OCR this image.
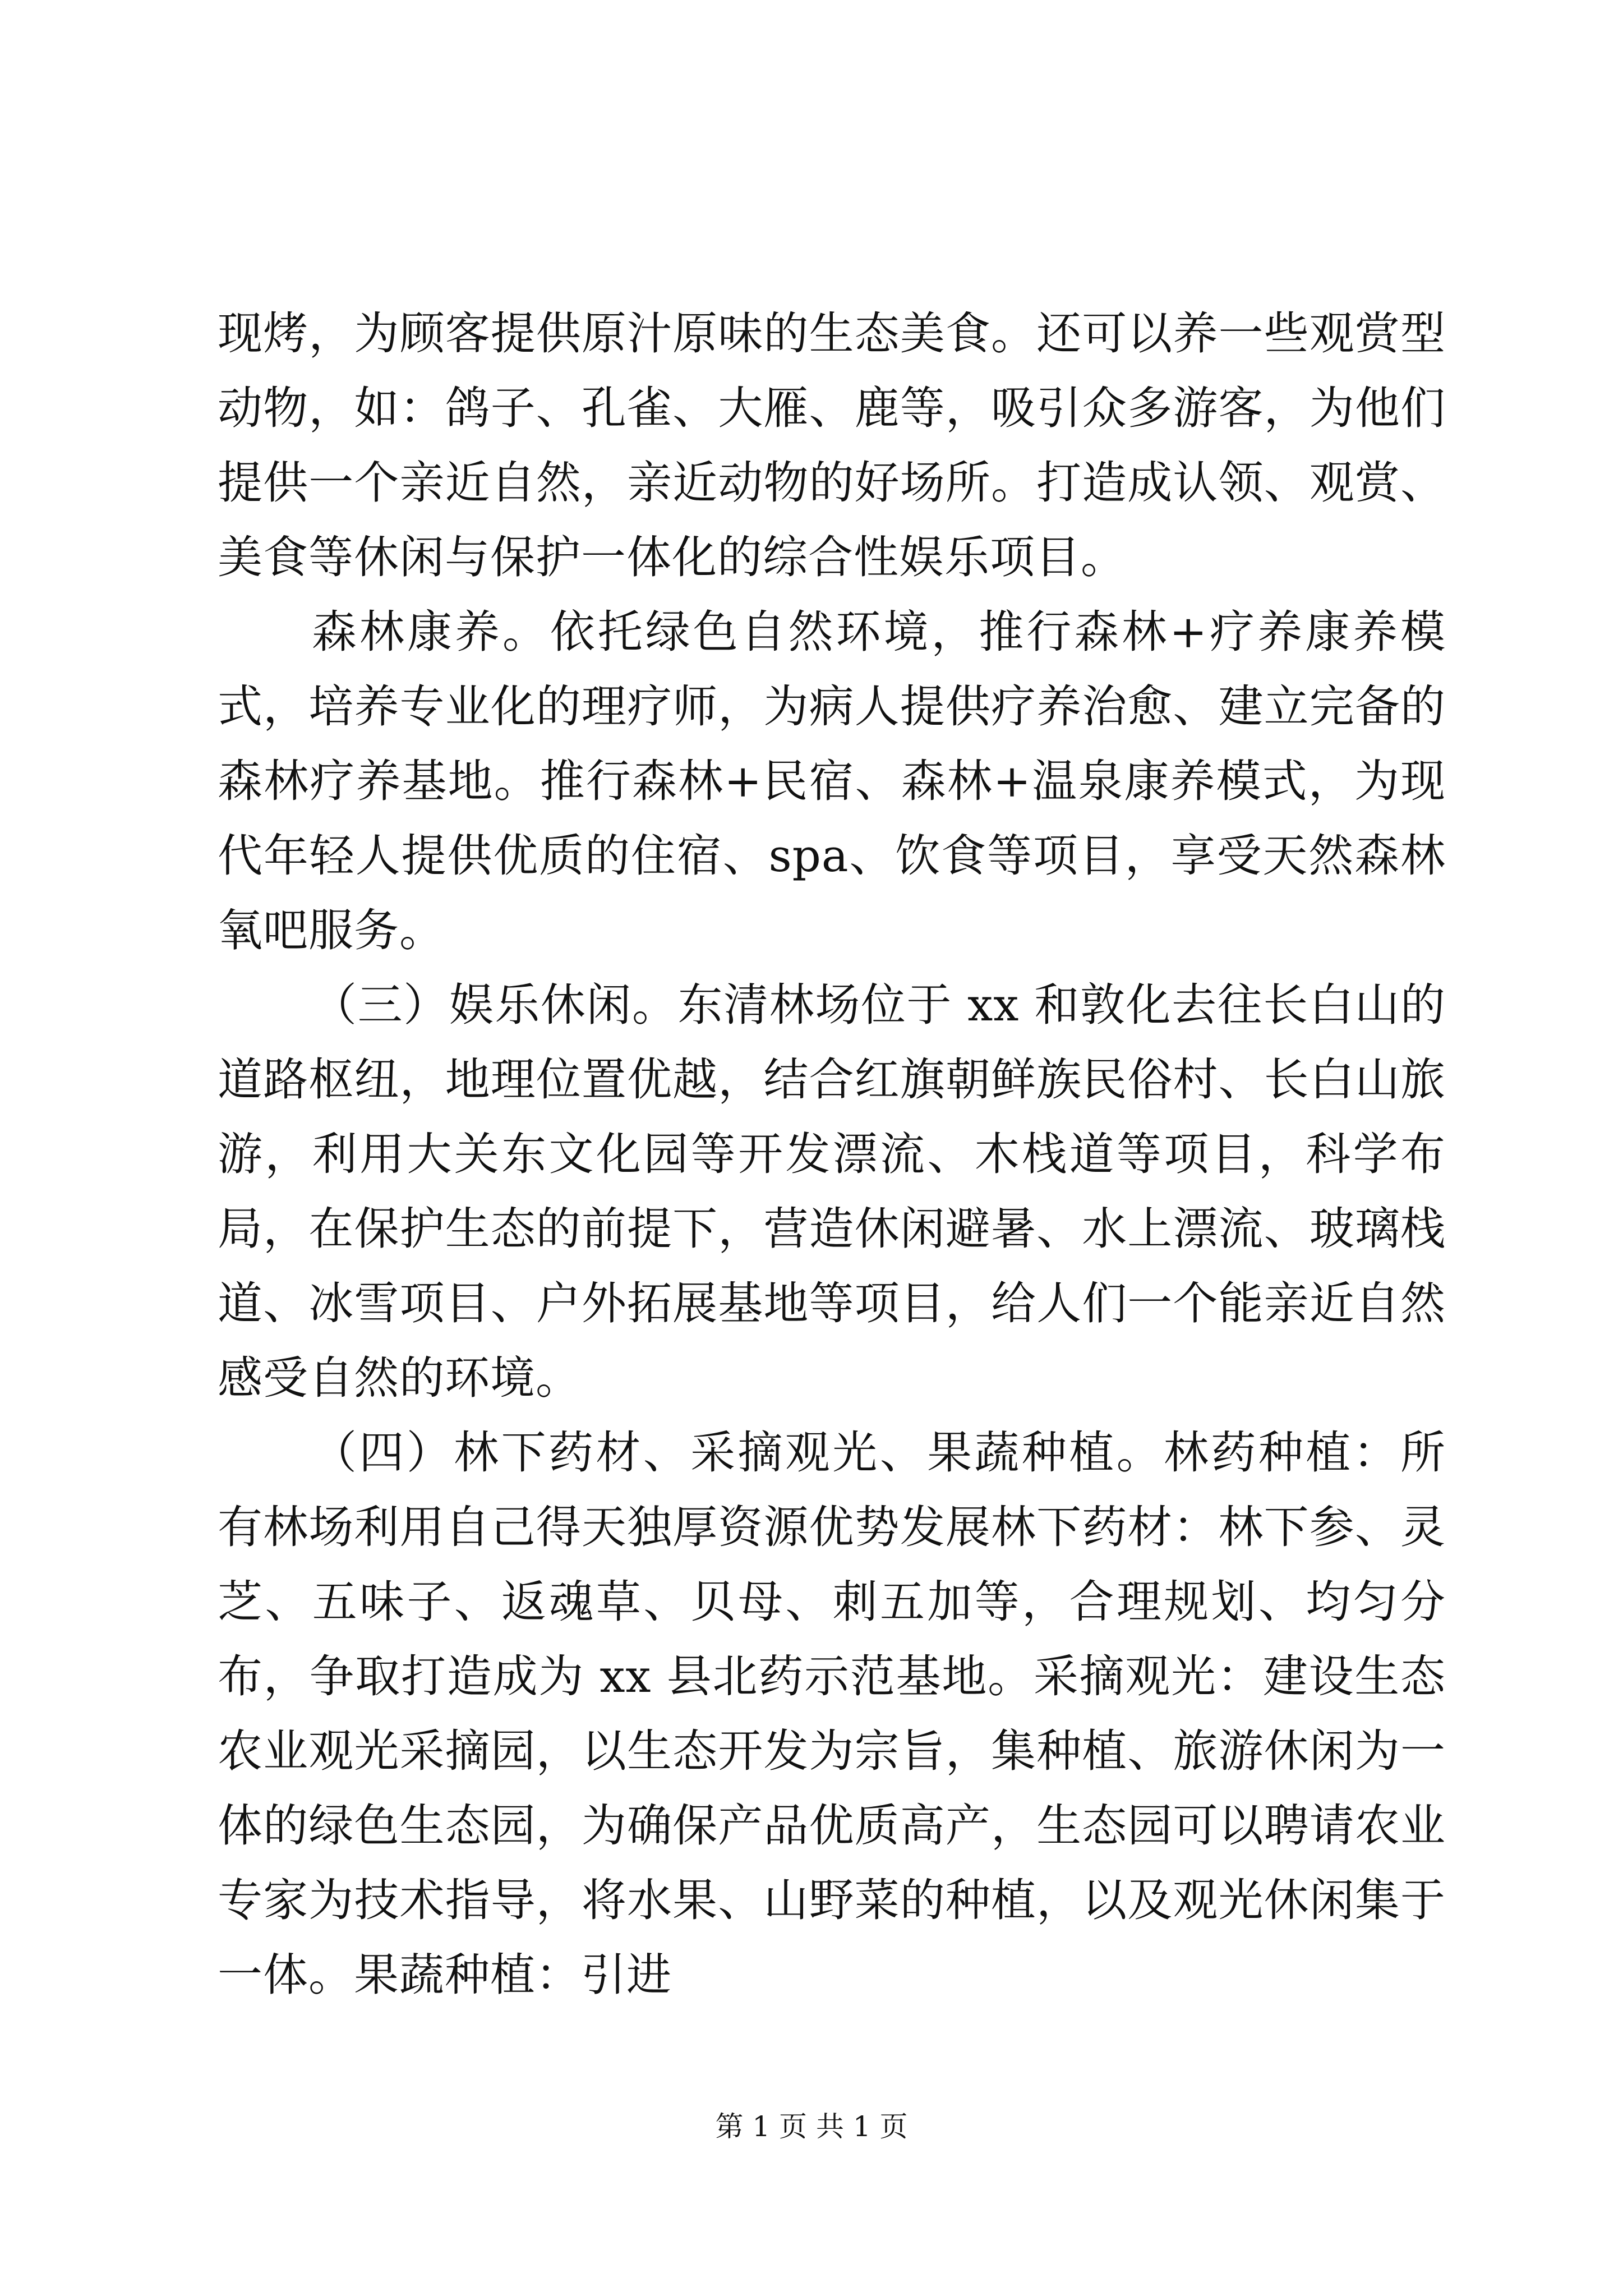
现烤，为顾客提供原汁原味的生态美食。还可以养一些观赏型动物，如：鸽子、孔雀、大雁、鹿等，吸引众多游客，为他们提供一个亲近自然，亲近动物的好场所。打造成认领、观赏、美食等休闲与保护一体化的综合性娱乐项目。

森林康养。依托绿色自然环境，推行森林+疗养康养模式，培养专业化的理疗师，为病人提供疗养治愈、建立完备的森林疗养基地。推行森林+民宿、森林+温泉康养模式，为现代年轻人提供优质的住宿、spa、饮食等项目，享受天然森林氧吧服务。

（三）娱乐休闲。东清林场位于 xx 和敦化去往长白山的道路枢纽，地理位置优越，结合红旗朝鲜族民俗村、长白山旅游，利用大关东文化园等开发漂流、木栈道等项目，科学布局，在保护生态的前提下，营造休闲避暑、水上漂流、玻璃栈道、冰雪项目、户外拓展基地等项目，给人们一个能亲近自然感受自然的环境。

（四）林下药材、采摘观光、果蔬种植。林药种植：所有林场利用自己得天独厚资源优势发展林下药材：林下参、灵芝、五味子、返魂草、贝母、刺五加等，合理规划、均匀分布，争取打造成为 xx 县北药示范基地。采摘观光：建设生态农业观光采摘园，以生态开发为宗旨，集种植、旅游休闲为一体的绿色生态园，为确保产品优质高产，生态园可以聘请农业专家为技术指导，将水果、山野菜的种植，以及观光休闲集于一体。果蔬种植：引进

第 1 页 共 1 页
